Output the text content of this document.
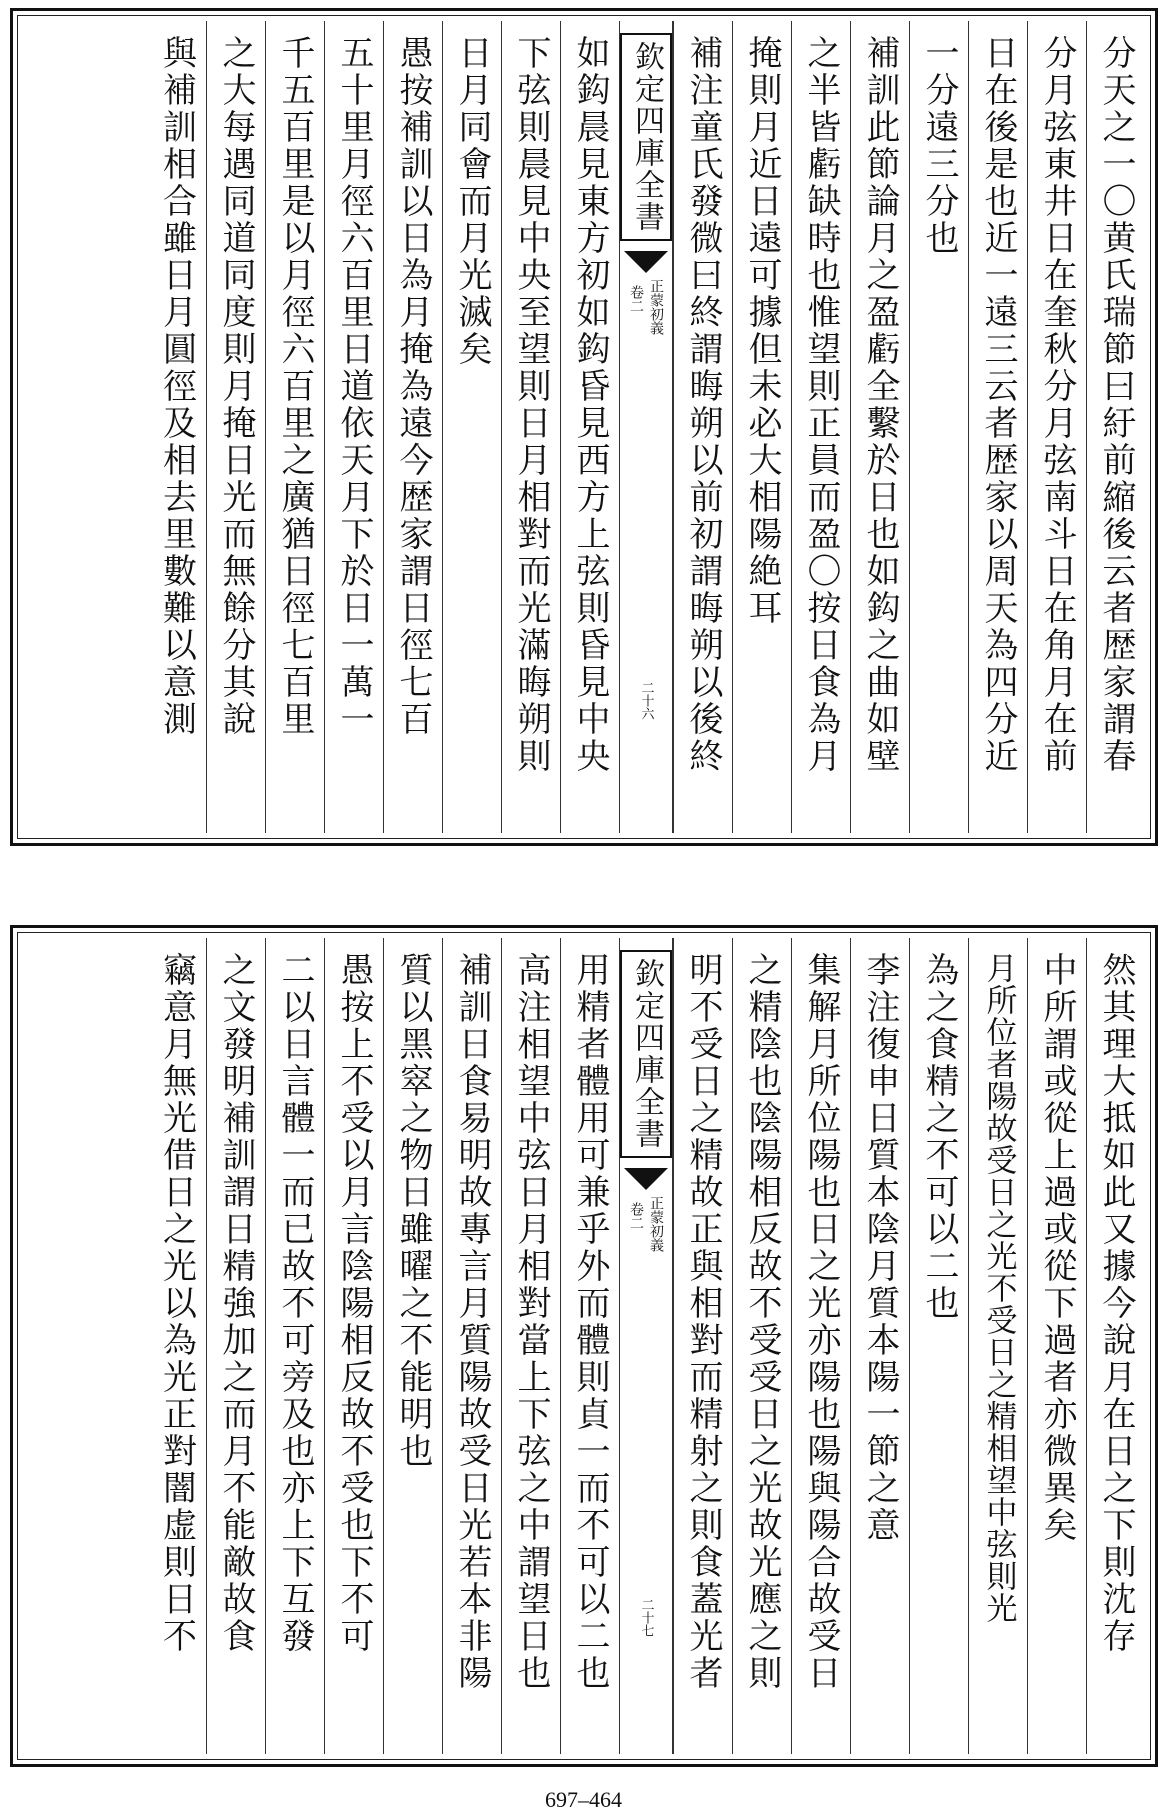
分天之一〇黄氏瑞節曰紆前縮後云者歴家謂春
分月弦東井日在奎秋分月弦南斗日在角月在前
日在後是也近一遠三云者歴家以周天為四分近
一分遠三分也
補訓此節論月之盈虧全繫於日也如鈎之曲如壁
之半皆虧缺時也惟望則正員而盈〇按日食為月
掩則月近日遠可據但未必大相陽絶耳
補注童氏發微曰終謂晦朔以前初謂晦朔以後終
欽定四庫全書
正蒙初義
卷二
二十六
如鈎晨見東方初如鈎昏見西方上弦則昏見中央
下弦則晨見中央至望則日月相對而光滿晦朔則
日月同會而月光滅矣
愚按補訓以日為月掩為遠今歴家謂日徑七百
五十里月徑六百里日道依天月下於日一萬一
千五百里是以月徑六百里之廣猶日徑七百里
之大每遇同道同度則月掩日光而無餘分其說
與補訓相合雖日月圓徑及相去里數難以意測
然其理大抵如此又據今說月在日之下則沈存
中所謂或從上過或從下過者亦微異矣
月所位者陽故受日之光不受日之精相望中弦則光
為之食精之不可以二也
李注復申日質本陰月質本陽一節之意
集解月所位陽也日之光亦陽也陽與陽合故受日
之精陰也陰陽相反故不受受日之光故光應之則
明不受日之精故正與相對而精射之則食蓋光者
欽定四庫全書
正蒙初義
卷二
二十七
用精者體用可兼乎外而體則貞一而不可以二也
高注相望中弦日月相對當上下弦之中謂望日也
補訓日食易明故專言月質陽故受日光若本非陽
質以黑窣之物日雖曜之不能明也
愚按上不受以月言陰陽相反故不受也下不可
二以日言體一而已故不可旁及也亦上下互發
之文發明補訓謂日精強加之而月不能敵故食
竊意月無光借日之光以為光正對闇虚則日不
697–464
